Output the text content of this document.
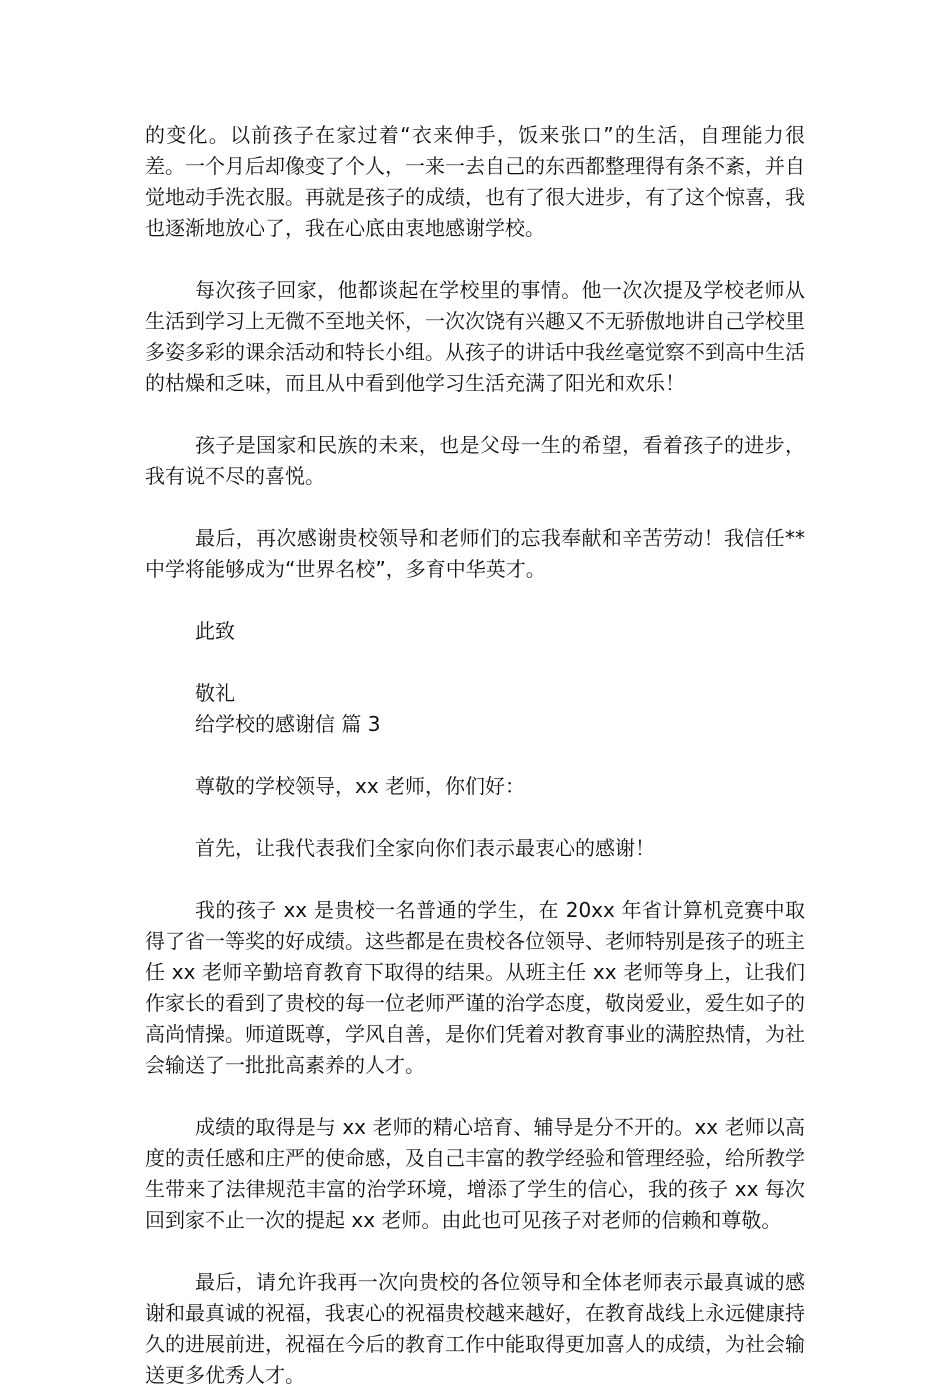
的变化。以前孩子在家过着“衣来伸手，饭来张口”的生活，自理能力很差。一个月后却像变了个人，一来一去自己的东西都整理得有条不紊，并自觉地动手洗衣服。再就是孩子的成绩，也有了很大进步，有了这个惊喜，我也逐渐地放心了，我在心底由衷地感谢学校。

每次孩子回家，他都谈起在学校里的事情。他一次次提及学校老师从生活到学习上无微不至地关怀，一次次饶有兴趣又不无骄傲地讲自己学校里多姿多彩的课余活动和特长小组。从孩子的讲话中我丝毫觉察不到高中生活的枯燥和乏味，而且从中看到他学习生活充满了阳光和欢乐！

孩子是国家和民族的未来，也是父母一生的希望，看着孩子的进步，我有说不尽的喜悦。

最后，再次感谢贵校领导和老师们的忘我奉献和辛苦劳动！我信任**中学将能够成为“世界名校”，多育中华英才。

此致

敬礼

给学校的感谢信 篇 3

尊敬的学校领导，xx 老师，你们好：

首先，让我代表我们全家向你们表示最衷心的感谢！

我的孩子 xx 是贵校一名普通的学生，在 20xx 年省计算机竞赛中取得了省一等奖的好成绩。这些都是在贵校各位领导、老师特别是孩子的班主任 xx 老师辛勤培育教育下取得的结果。从班主任 xx 老师等身上，让我们作家长的看到了贵校的每一位老师严谨的治学态度，敬岗爱业，爱生如子的高尚情操。师道既尊，学风自善，是你们凭着对教育事业的满腔热情，为社会输送了一批批高素养的人才。

成绩的取得是与 xx 老师的精心培育、辅导是分不开的。xx 老师以高度的责任感和庄严的使命感，及自己丰富的教学经验和管理经验，给所教学生带来了法律规范丰富的治学环境，增添了学生的信心，我的孩子 xx 每次回到家不止一次的提起 xx 老师。由此也可见孩子对老师的信赖和尊敬。

最后，请允许我再一次向贵校的各位领导和全体老师表示最真诚的感谢和最真诚的祝福，我衷心的祝福贵校越来越好，在教育战线上永远健康持久的进展前进，祝福在今后的教育工作中能取得更加喜人的成绩，为社会输送更多优秀人才。
